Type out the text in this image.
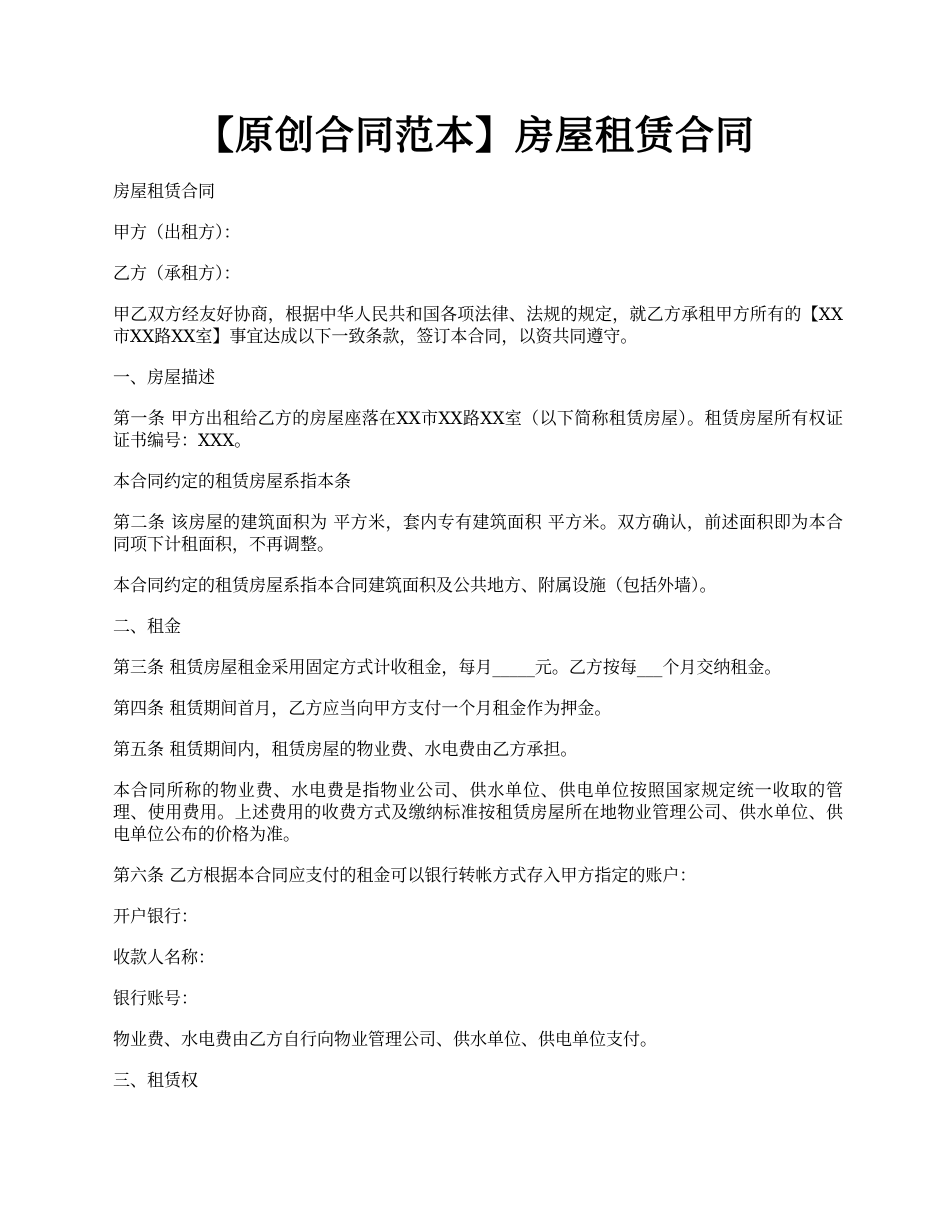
【原创合同范本】房屋租赁合同

房屋租赁合同

甲方（出租方）：

乙方（承租方）：

甲乙双方经友好协商，根据中华人民共和国各项法律、法规的规定，就乙方承租甲方所有的【XX市XX路XX室】事宜达成以下一致条款，签订本合同，以资共同遵守。

一、房屋描述

第一条 甲方出租给乙方的房屋座落在XX市XX路XX室（以下简称租赁房屋）。租赁房屋所有权证证书编号：XXX。

本合同约定的租赁房屋系指本条

第二条 该房屋的建筑面积为 平方米，套内专有建筑面积 平方米。双方确认，前述面积即为本合同项下计租面积，不再调整。

本合同约定的租赁房屋系指本合同建筑面积及公共地方、附属设施（包括外墙）。

二、租金

第三条 租赁房屋租金采用固定方式计收租金，每月_____元。乙方按每___个月交纳租金。

第四条 租赁期间首月，乙方应当向甲方支付一个月租金作为押金。

第五条 租赁期间内，租赁房屋的物业费、水电费由乙方承担。

本合同所称的物业费、水电费是指物业公司、供水单位、供电单位按照国家规定统一收取的管理、使用费用。上述费用的收费方式及缴纳标准按租赁房屋所在地物业管理公司、供水单位、供电单位公布的价格为准。

第六条 乙方根据本合同应支付的租金可以银行转帐方式存入甲方指定的账户：

开户银行：

收款人名称：

银行账号：

物业费、水电费由乙方自行向物业管理公司、供水单位、供电单位支付。

三、租赁权
